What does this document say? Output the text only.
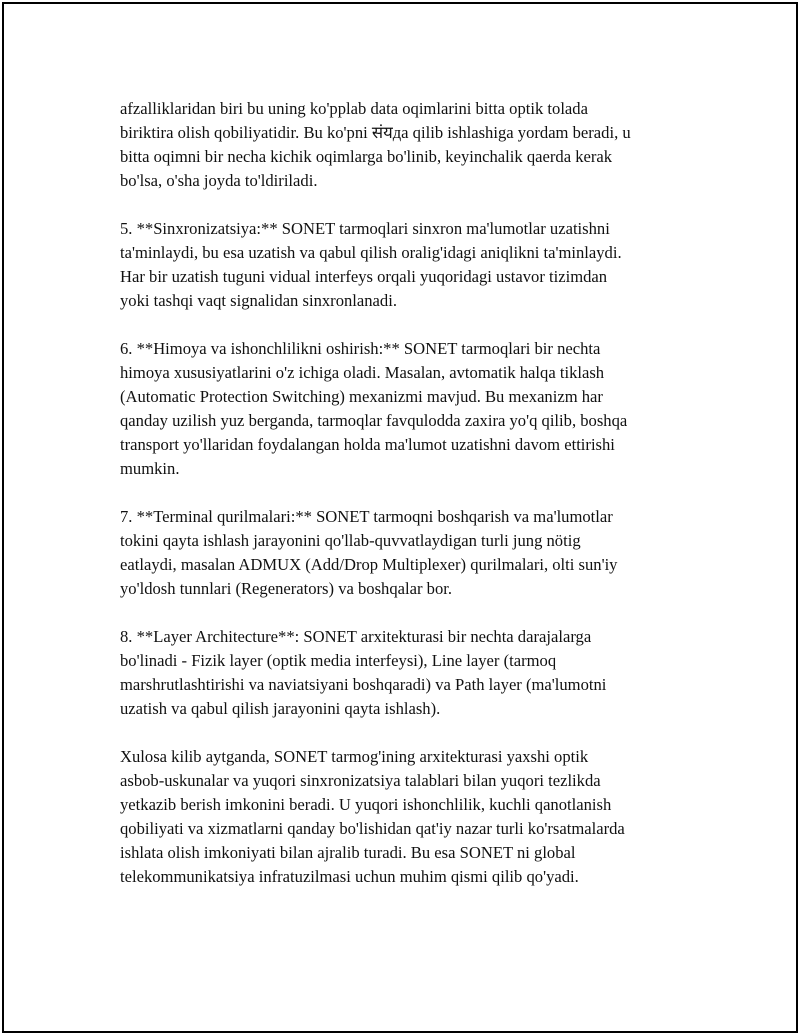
afzalliklaridan biri bu uning ko'pplab data oqimlarini bitta optik tolada
biriktira olish qobiliyatidir. Bu ko'pni संयда qilib ishlashiga yordam beradi, u
bitta oqimni bir necha kichik oqimlarga bo'linib, keyinchalik qaerda kerak
bo'lsa, o'sha joyda to'ldiriladi.

5. **Sinxronizatsiya:** SONET tarmoqlari sinxron ma'lumotlar uzatishni
ta'minlaydi, bu esa uzatish va qabul qilish oralig'idagi aniqlikni ta'minlaydi.
Har bir uzatish tuguni vidual interfeys orqali yuqoridagi ustavor tizimdan
yoki tashqi vaqt signalidan sinxronlanadi.

6. **Himoya va ishonchlilikni oshirish:** SONET tarmoqlari bir nechta
himoya xususiyatlarini o'z ichiga oladi. Masalan, avtomatik halqa tiklash
(Automatic Protection Switching) mexanizmi mavjud. Bu mexanizm har
qanday uzilish yuz berganda, tarmoqlar favqulodda zaxira yo'q qilib, boshqa
transport yo'llaridan foydalangan holda ma'lumot uzatishni davom ettirishi
mumkin.

7. **Terminal qurilmalari:** SONET tarmoqni boshqarish va ma'lumotlar
tokini qayta ishlash jarayonini qo'llab-quvvatlaydigan turli jung nötig
eatlaydi, masalan ADMUX (Add/Drop Multiplexer) qurilmalari, olti sun'iy
yo'ldosh tunnlari (Regenerators) va boshqalar bor.

8. **Layer Architecture**: SONET arxitekturasi bir nechta darajalarga
bo'linadi - Fizik layer (optik media interfeysi), Line layer (tarmoq
marshrutlashtirishi va naviatsiyani boshqaradi) va Path layer (ma'lumotni
uzatish va qabul qilish jarayonini qayta ishlash).

Xulosa kilib aytganda, SONET tarmog'ining arxitekturasi yaxshi optik
asbob-uskunalar va yuqori sinxronizatsiya talablari bilan yuqori tezlikda
yetkazib berish imkonini beradi. U yuqori ishonchlilik, kuchli qanotlanish
qobiliyati va xizmatlarni qanday bo'lishidan qat'iy nazar turli ko'rsatmalarda
ishlata olish imkoniyati bilan ajralib turadi. Bu esa SONET ni global
telekommunikatsiya infratuzilmasi uchun muhim qismi qilib qo'yadi.
